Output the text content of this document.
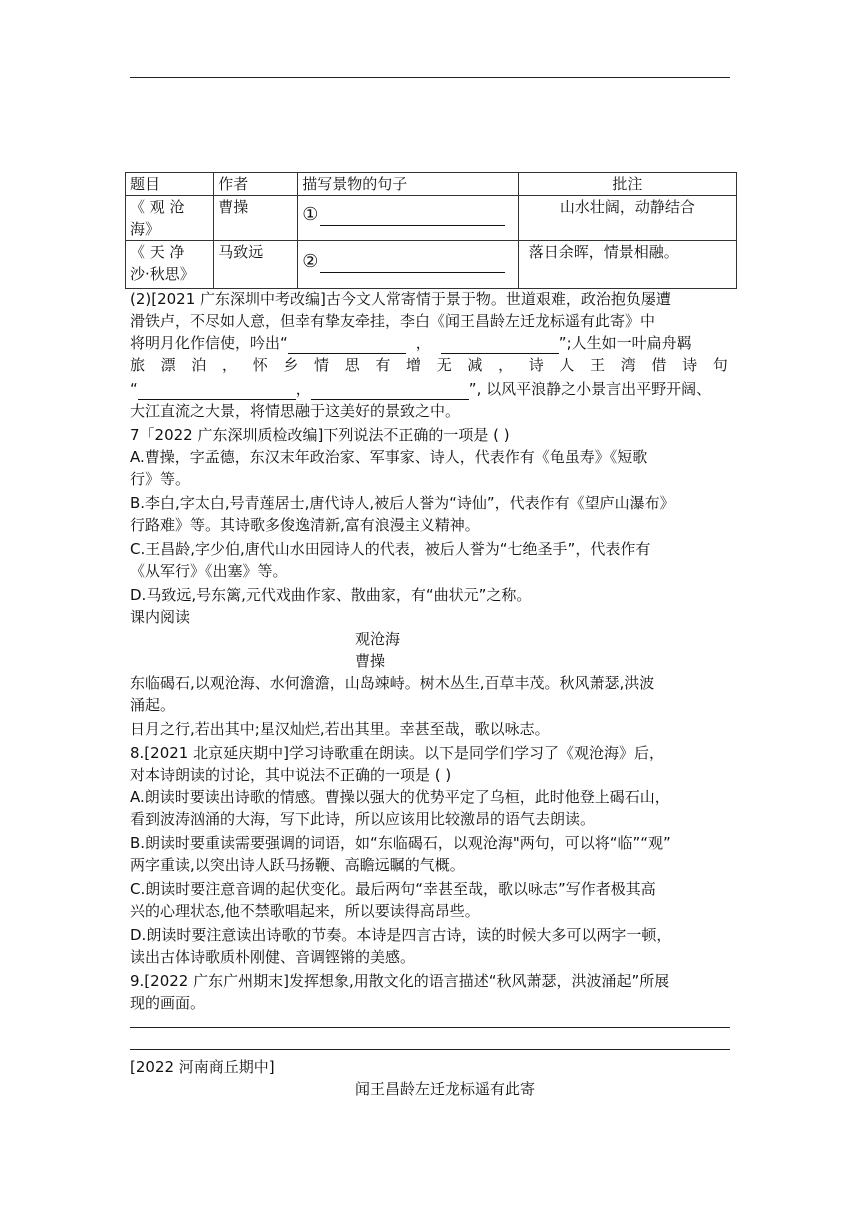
题目	作者	描写景物的句子	批注

《 观 沧
海》	曹操	①	山水壮阔，动静结合

《 天 净
沙·秋思》	马致远	②	落日余晖，情景相融。
(2)[2021 广东深圳中考改编]古今文人常寄情于景于物。世道艰难，政治抱负屡遭
滑铁卢，不尽如人意，但幸有挚友牵挂，李白《闻王昌龄左迁龙标遥有此寄》中
将明月化作信使，吟出“	，	”;人生如一叶扁舟羁
旅 漂 泊 ， 怀 乡 情 思 有 增 无 减 ， 诗 人 王 湾 借 诗 句
“	，	”, 以风平浪静之小景言出平野开阔、
大江直流之大景，将情思融于这美好的景致之中。
7「2022 广东深圳质检改编]下列说法不正确的一项是 ( )
A.曹操，字孟德，东汉末年政治家、军事家、诗人，代表作有《龟虽寿》《短歌
行》等。
B.李白,字太白,号青莲居士,唐代诗人,被后人誉为“诗仙”，代表作有《望庐山瀑布》
行路难》等。其诗歌多俊逸清新,富有浪漫主义精神。
C.王昌龄,字少伯,唐代山水田园诗人的代表，被后人誉为“七绝圣手”，代表作有
《从军行》《出塞》等。
D.马致远,号东篱,元代戏曲作家、散曲家，有“曲状元”之称。
课内阅读
观沧海
曹操
东临碣石,以观沧海、水何澹澹，山岛竦峙。树木丛生,百草丰茂。秋风萧瑟,洪波
涌起。
日月之行,若出其中;星汉灿烂,若出其里。幸甚至哉，歌以咏志。
8.[2021 北京延庆期中]学习诗歌重在朗读。以下是同学们学习了《观沧海》后，
对本诗朗读的讨论，其中说法不正确的一项是 ( )
A.朗读时要读出诗歌的情感。曹操以强大的优势平定了乌桓，此时他登上碣石山，
看到波涛汹涌的大海，写下此诗，所以应该用比较激昂的语气去朗读。
B.朗读时要重读需要强调的词语，如“东临碣石，以观沧海"两句，可以将“临”“观”
两字重读,以突出诗人跃马扬鞭、高瞻远瞩的气概。
C.朗读时要注意音调的起伏变化。最后两句“幸甚至哉，歌以咏志”写作者极其高
兴的心理状态,他不禁歌唱起来，所以要读得高昂些。
D.朗读时要注意读出诗歌的节奏。本诗是四言古诗，读的时候大多可以两字一顿，
读出古体诗歌质朴刚健、音调铿锵的美感。
9.[2022 广东广州期末]发挥想象,用散文化的语言描述“秋风萧瑟，洪波涌起”所展
现的画面。
[2022 河南商丘期中]
闻王昌龄左迁龙标遥有此寄
